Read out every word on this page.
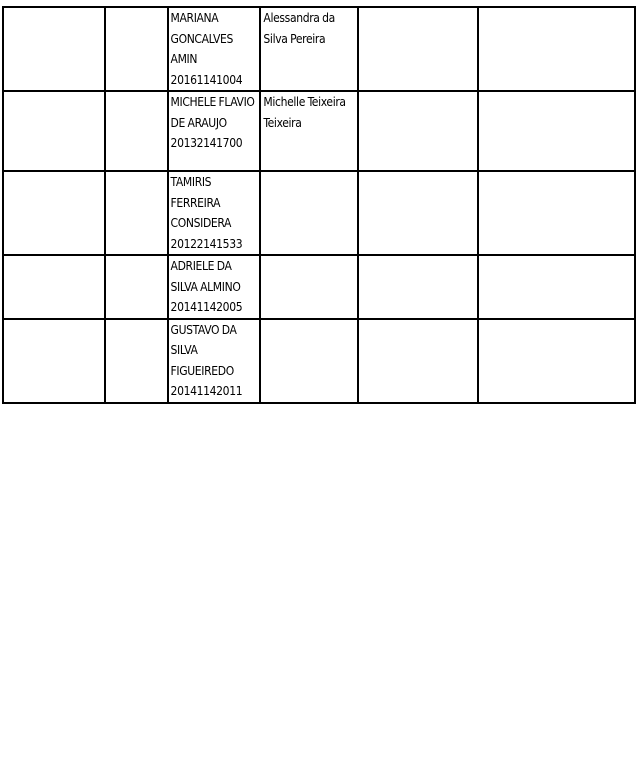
		MARIANA
GONCALVES
AMIN
20161141004	Alessandra da
Silva Pereira		

		MICHELE FLAVIO
DE ARAUJO
20132141700	Michelle Teixeira
Teixeira		

		TAMIRIS
FERREIRA
CONSIDERA
20122141533			

		ADRIELE DA
SILVA ALMINO
20141142005			

		GUSTAVO DA
SILVA
FIGUEIREDO
20141142011			
